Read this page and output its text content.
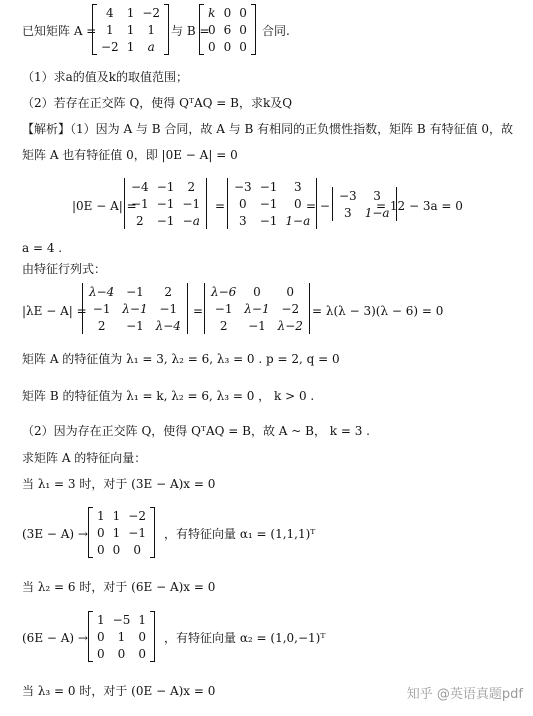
已知矩阵 A =
4	1	−2
1	1	1
−2	1	a
与 B =
k	0	0
0	6	0
0	0	0
合同.
（1）求a的值及k的取值范围；
（2）若存在正交阵 Q，使得 QᵀAQ = B，求k及Q
【解析】（1）因为 A 与 B 合同，故 A 与 B 有相同的正负惯性指数，矩阵 B 有特征值 0，故
矩阵 A 也有特征值 0，即 |0E − A| = 0
|0E − A| =
−4	−1	2
−1	−1	−1
2	−1	−a
=
−3	−1	3
0	−1	0
3	−1	1−a
= −
−3	3
3	1−a
= 12 − 3a = 0
a = 4 .
由特征行列式：
|λE − A| =
λ−4	−1	2
−1	λ−1	−1
2	−1	λ−4
=
λ−6	0	0
−1	λ−1	−2
2	−1	λ−2
= λ(λ − 3)(λ − 6) = 0
矩阵 A 的特征值为 λ₁ = 3, λ₂ = 6, λ₃ = 0 . p = 2, q = 0
矩阵 B 的特征值为 λ₁ = k, λ₂ = 6, λ₃ = 0 ， k > 0 .
（2）因为存在正交阵 Q，使得 QᵀAQ = B，故 A ~ B， k = 3 .
求矩阵 A 的特征向量：
当 λ₁ = 3 时，对于 (3E − A)x = 0
(3E − A) →
1	1	−2
0	1	−1
0	0	0
，有特征向量 α₁ = (1,1,1)ᵀ
当 λ₂ = 6 时，对于 (6E − A)x = 0
(6E − A) →
1	−5	1
0	1	0
0	0	0
，有特征向量 α₂ = (1,0,−1)ᵀ
当 λ₃ = 0 时，对于 (0E − A)x = 0	知乎 @英语真题pdf
